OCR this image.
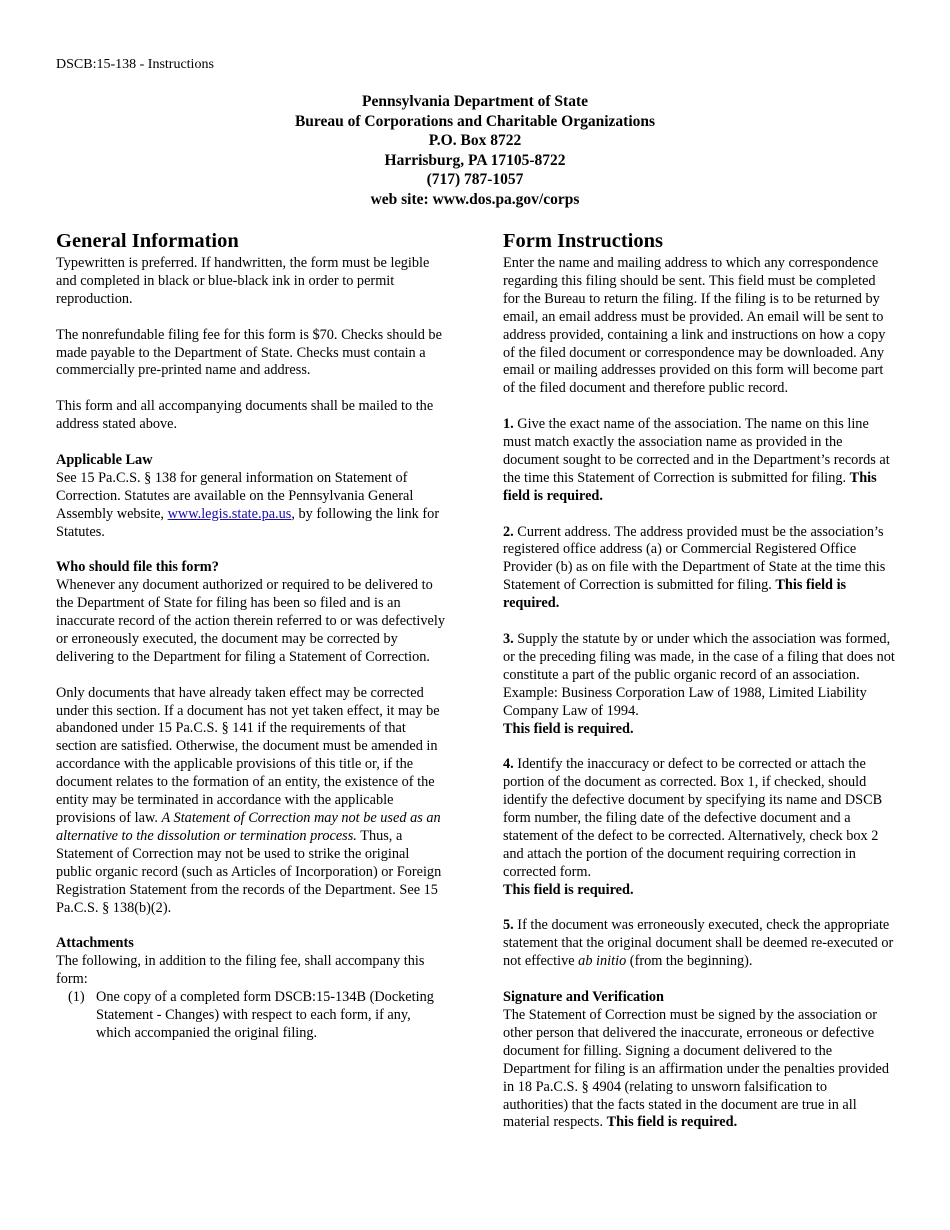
DSCB:15-138 - Instructions
Pennsylvania Department of State
Bureau of Corporations and Charitable Organizations
P.O. Box 8722
Harrisburg, PA 17105-8722
(717) 787-1057
web site: www.dos.pa.gov/corps
General Information

Typewritten is preferred. If handwritten, the form must be legible and completed in black or blue-black ink in order to permit reproduction.

The nonrefundable filing fee for this form is $70. Checks should be made payable to the Department of State. Checks must contain a commercially pre-printed name and address.

This form and all accompanying documents shall be mailed to the address stated above.

Applicable Law

See 15 Pa.C.S. § 138 for general information on Statement of Correction. Statutes are available on the Pennsylvania General Assembly website, www.legis.state.pa.us, by following the link for Statutes.

Who should file this form?

Whenever any document authorized or required to be delivered to the Department of State for filing has been so filed and is an inaccurate record of the action therein referred to or was defectively or erroneously executed, the document may be corrected by delivering to the Department for filing a Statement of Correction.

Only documents that have already taken effect may be corrected under this section. If a document has not yet taken effect, it may be abandoned under 15 Pa.C.S. § 141 if the requirements of that section are satisfied. Otherwise, the document must be amended in accordance with the applicable provisions of this title or, if the document relates to the formation of an entity, the existence of the entity may be terminated in accordance with the applicable provisions of law. A Statement of Correction may not be used as an alternative to the dissolution or termination process. Thus, a Statement of Correction may not be used to strike the original public organic record (such as Articles of Incorporation) or Foreign Registration Statement from the records of the Department. See 15 Pa.C.S. § 138(b)(2).

Attachments
The following, in addition to the filing fee, shall accompany this form:
(1) One copy of a completed form DSCB:15-134B (Docketing Statement - Changes) with respect to each form, if any, which accompanied the original filing.
Form Instructions

Enter the name and mailing address to which any correspondence regarding this filing should be sent. This field must be completed for the Bureau to return the filing. If the filing is to be returned by email, an email address must be provided. An email will be sent to address provided, containing a link and instructions on how a copy of the filed document or correspondence may be downloaded. Any email or mailing addresses provided on this form will become part of the filed document and therefore public record.

1. Give the exact name of the association. The name on this line must match exactly the association name as provided in the document sought to be corrected and in the Department’s records at the time this Statement of Correction is submitted for filing. This field is required.

2. Current address. The address provided must be the association’s registered office address (a) or Commercial Registered Office Provider (b) as on file with the Department of State at the time this Statement of Correction is submitted for filing. This field is required.

3. Supply the statute by or under which the association was formed, or the preceding filing was made, in the case of a filing that does not constitute a part of the public organic record of an association. Example: Business Corporation Law of 1988, Limited Liability Company Law of 1994.
This field is required.

4. Identify the inaccuracy or defect to be corrected or attach the portion of the document as corrected. Box 1, if checked, should identify the defective document by specifying its name and DSCB form number, the filing date of the defective document and a statement of the defect to be corrected. Alternatively, check box 2 and attach the portion of the document requiring correction in corrected form.
This field is required.

5. If the document was erroneously executed, check the appropriate statement that the original document shall be deemed re-executed or not effective ab initio (from the beginning).

Signature and Verification
The Statement of Correction must be signed by the association or other person that delivered the inaccurate, erroneous or defective document for filling. Signing a document delivered to the Department for filing is an affirmation under the penalties provided in 18 Pa.C.S. § 4904 (relating to unsworn falsification to authorities) that the facts stated in the document are true in all material respects. This field is required.
